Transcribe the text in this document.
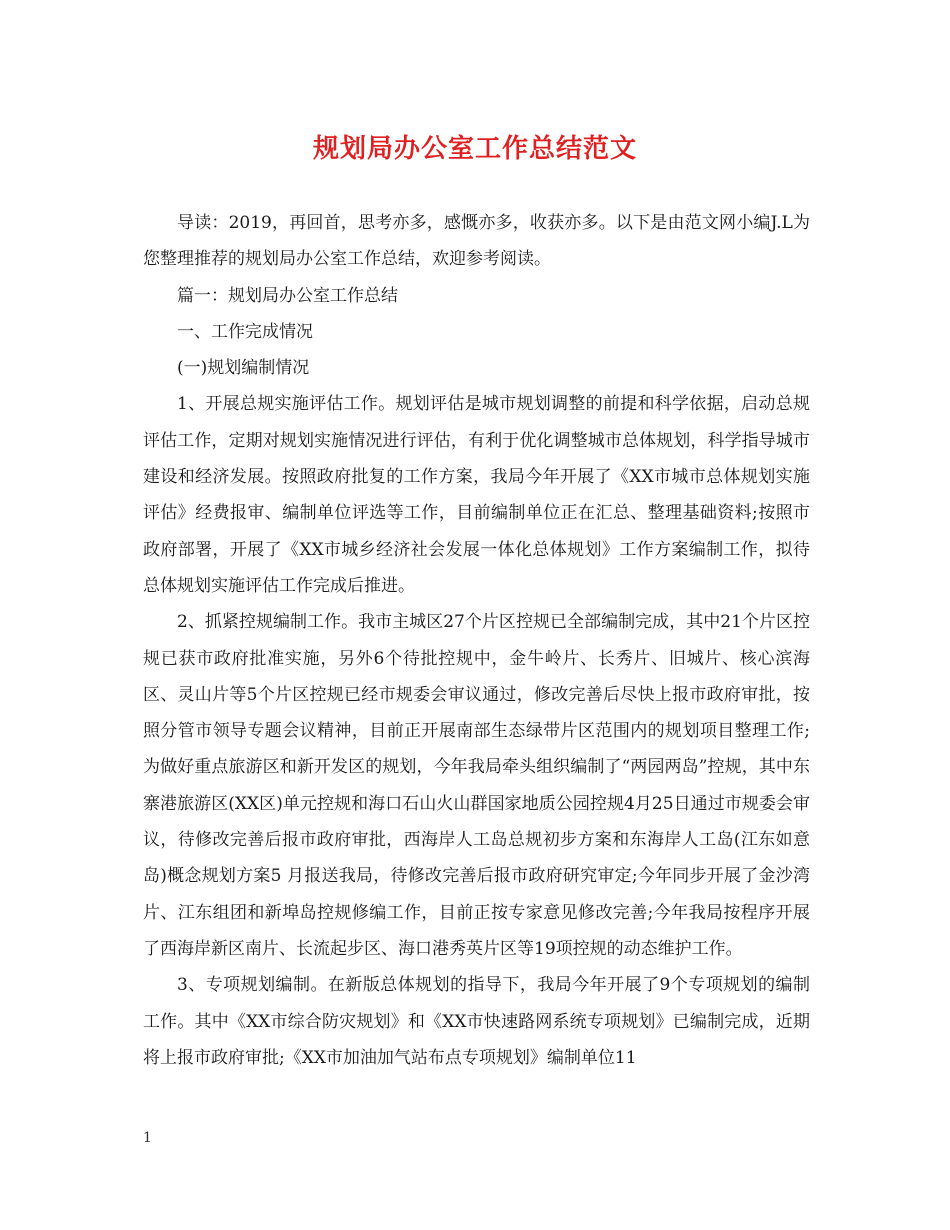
规划局办公室工作总结范文

导读：2019，再回首，思考亦多，感慨亦多，收获亦多。以下是由范文网小编J.L为您整理推荐的规划局办公室工作总结，欢迎参考阅读。

篇一：规划局办公室工作总结

一、工作完成情况

(一)规划编制情况

1、开展总规实施评估工作。规划评估是城市规划调整的前提和科学依据，启动总规评估工作，定期对规划实施情况进行评估，有利于优化调整城市总体规划，科学指导城市建设和经济发展。按照政府批复的工作方案，我局今年开展了《XX市城市总体规划实施评估》经费报审、编制单位评选等工作，目前编制单位正在汇总、整理基础资料;按照市政府部署，开展了《XX市城乡经济社会发展一体化总体规划》工作方案编制工作，拟待总体规划实施评估工作完成后推进。

2、抓紧控规编制工作。我市主城区27个片区控规已全部编制完成，其中21个片区控规已获市政府批准实施，另外6个待批控规中，金牛岭片、长秀片、旧城片、核心滨海区、灵山片等5个片区控规已经市规委会审议通过，修改完善后尽快上报市政府审批，按照分管市领导专题会议精神，目前正开展南部生态绿带片区范围内的规划项目整理工作;为做好重点旅游区和新开发区的规划，今年我局牵头组织编制了“两园两岛”控规，其中东寨港旅游区(XX区)单元控规和海口石山火山群国家地质公园控规4月25日通过市规委会审议，待修改完善后报市政府审批，西海岸人工岛总规初步方案和东海岸人工岛(江东如意岛)概念规划方案5 月报送我局，待修改完善后报市政府研究审定;今年同步开展了金沙湾片、江东组团和新埠岛控规修编工作，目前正按专家意见修改完善;今年我局按程序开展了西海岸新区南片、长流起步区、海口港秀英片区等19项控规的动态维护工作。

3、专项规划编制。在新版总体规划的指导下，我局今年开展了9个专项规划的编制工作。其中《XX市综合防灾规划》和《XX市快速路网系统专项规划》已编制完成，近期将上报市政府审批;《XX市加油加气站布点专项规划》编制单位11

1
